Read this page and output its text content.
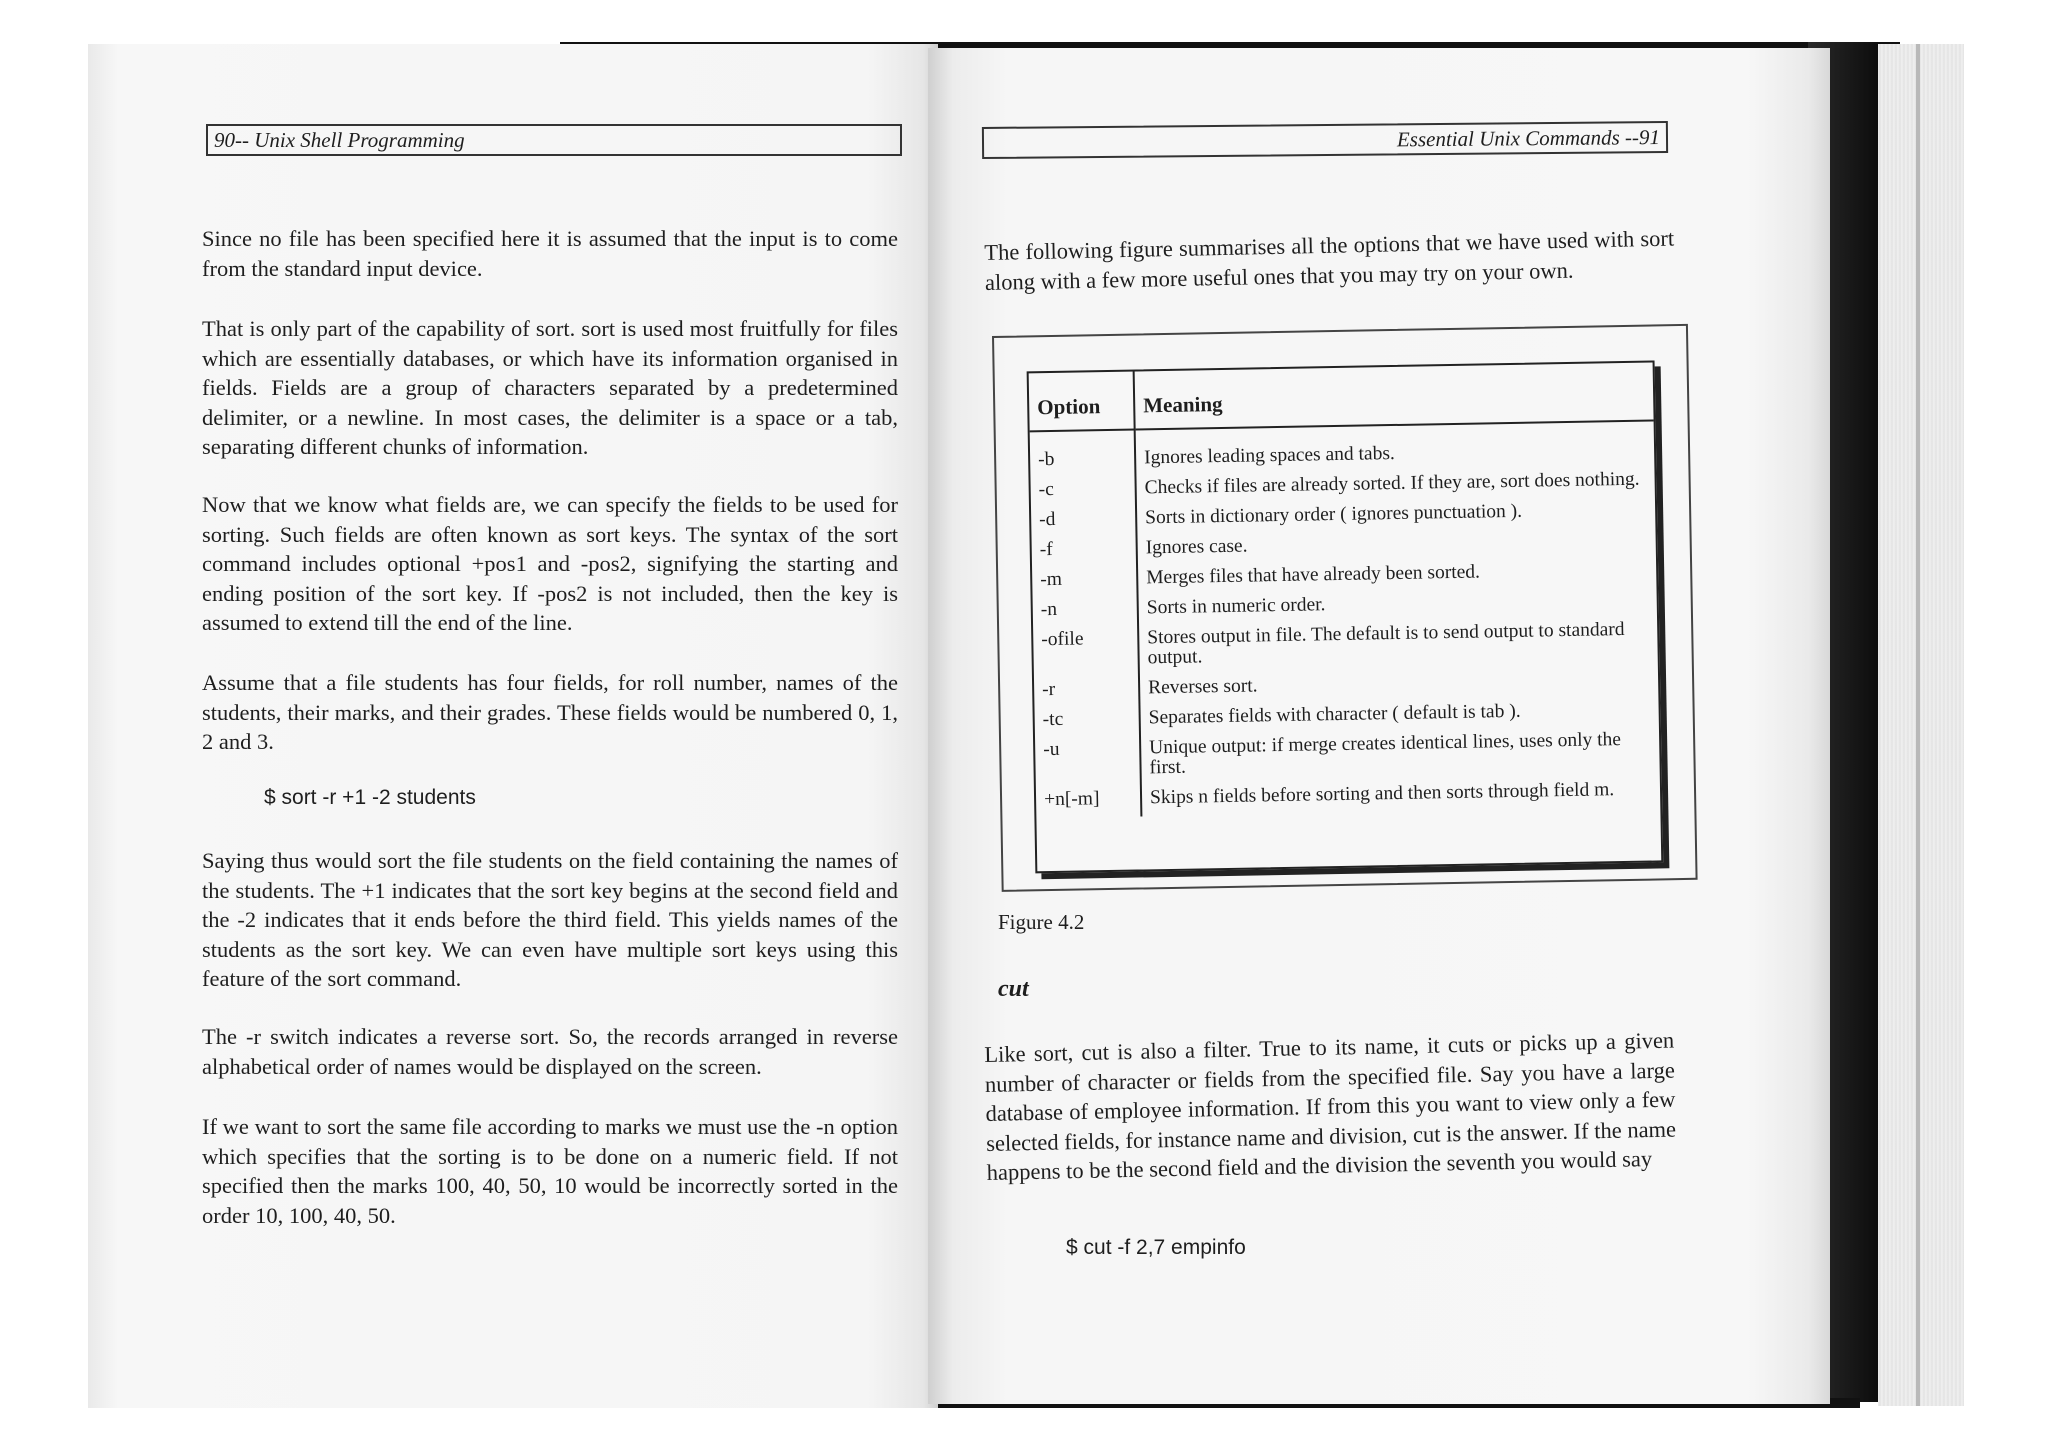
90-- Unix Shell Programming
Since no file has been specified here it is assumed that the input is to come from the standard input device.
That is only part of the capability of sort. sort is used most fruitfully for files which are essentially databases, or which have its information organised in fields. Fields are a group of characters separated by a predetermined delimiter, or a newline. In most cases, the delimiter is a space or a tab, separating different chunks of information.
Now that we know what fields are, we can specify the fields to be used for sorting. Such fields are often known as sort keys. The syntax of the sort command includes optional +pos1 and -pos2, signifying the starting and ending position of the sort key. If -pos2 is not included, then the key is assumed to extend till the end of the line.
Assume that a file students has four fields, for roll number, names of the students, their marks, and their grades. These fields would be numbered 0, 1, 2 and 3.
$ sort -r +1 -2 students
Saying thus would sort the file students on the field containing the names of the students. The +1 indicates that the sort key begins at the second field and the -2 indicates that it ends before the third field. This yields names of the students as the sort key. We can even have multiple sort keys using this feature of the sort command.
The -r switch indicates a reverse sort. So, the records arranged in reverse alphabetical order of names would be displayed on the screen.
If we want to sort the same file according to marks we must use the -n option which specifies that the sorting is to be done on a numeric field. If not specified then the marks 100, 40, 50, 10 would be incorrectly sorted in the order 10, 100, 40, 50.
Essential Unix Commands --91
The following figure summarises all the options that we have used with sort along with a few more useful ones that you may try on your own.
Option	Meaning
-b	Ignores leading spaces and tabs.
-c	Checks if files are already sorted. If they are, sort does nothing.
-d	Sorts in dictionary order ( ignores punctuation ).
-f	Ignores case.
-m	Merges files that have already been sorted.
-n	Sorts in numeric order.
-ofile	Stores output in file. The default is to send output to standard output.
-r	Reverses sort.
-tc	Separates fields with character ( default is tab ).
-u	Unique output: if merge creates identical lines, uses only the first.
+n[-m]	Skips n fields before sorting and then sorts through field m.
Figure 4.2
cut
Like sort, cut is also a filter. True to its name, it cuts or picks up a given number of character or fields from the specified file. Say you have a large database of employee information. If from this you want to view only a few selected fields, for instance name and division, cut is the answer. If the name happens to be the second field and the division the seventh you would say
$ cut -f 2,7 empinfo
